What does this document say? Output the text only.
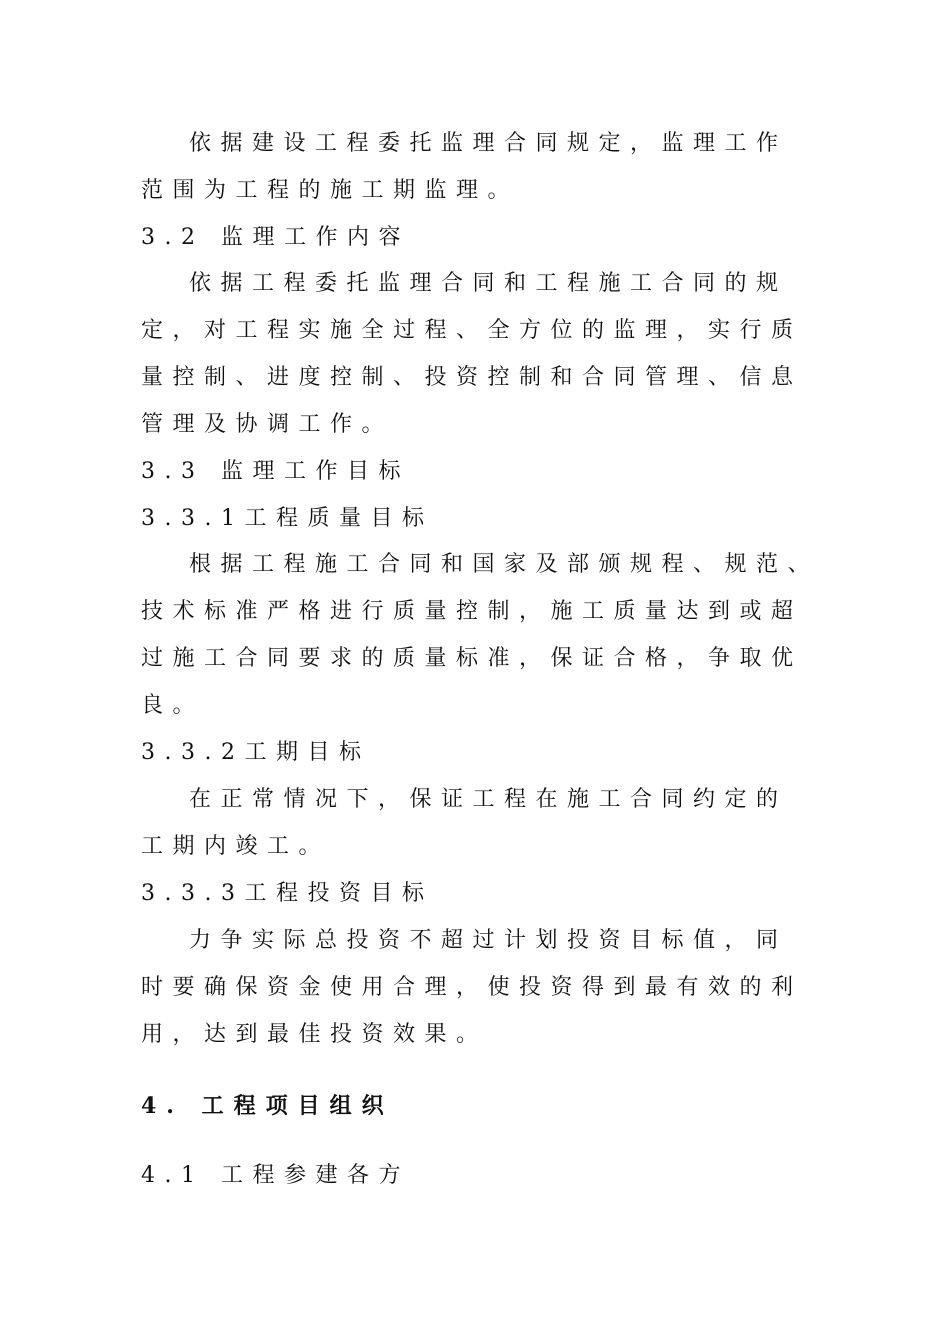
依据建设工程委托监理合同规定，监理工作
范围为工程的施工期监理。
3.2 监理工作内容
依据工程委托监理合同和工程施工合同的规
定，对工程实施全过程、全方位的监理，实行质
量控制、进度控制、投资控制和合同管理、信息
管理及协调工作。
3.3 监理工作目标
3.3.1工程质量目标
根据工程施工合同和国家及部颁规程、规范、
技术标准严格进行质量控制，施工质量达到或超
过施工合同要求的质量标准，保证合格，争取优
良。
3.3.2工期目标
在正常情况下，保证工程在施工合同约定的
工期内竣工。
3.3.3工程投资目标
力争实际总投资不超过计划投资目标值，同
时要确保资金使用合理，使投资得到最有效的利
用，达到最佳投资效果。
4. 工程项目组织
4.1 工程参建各方
